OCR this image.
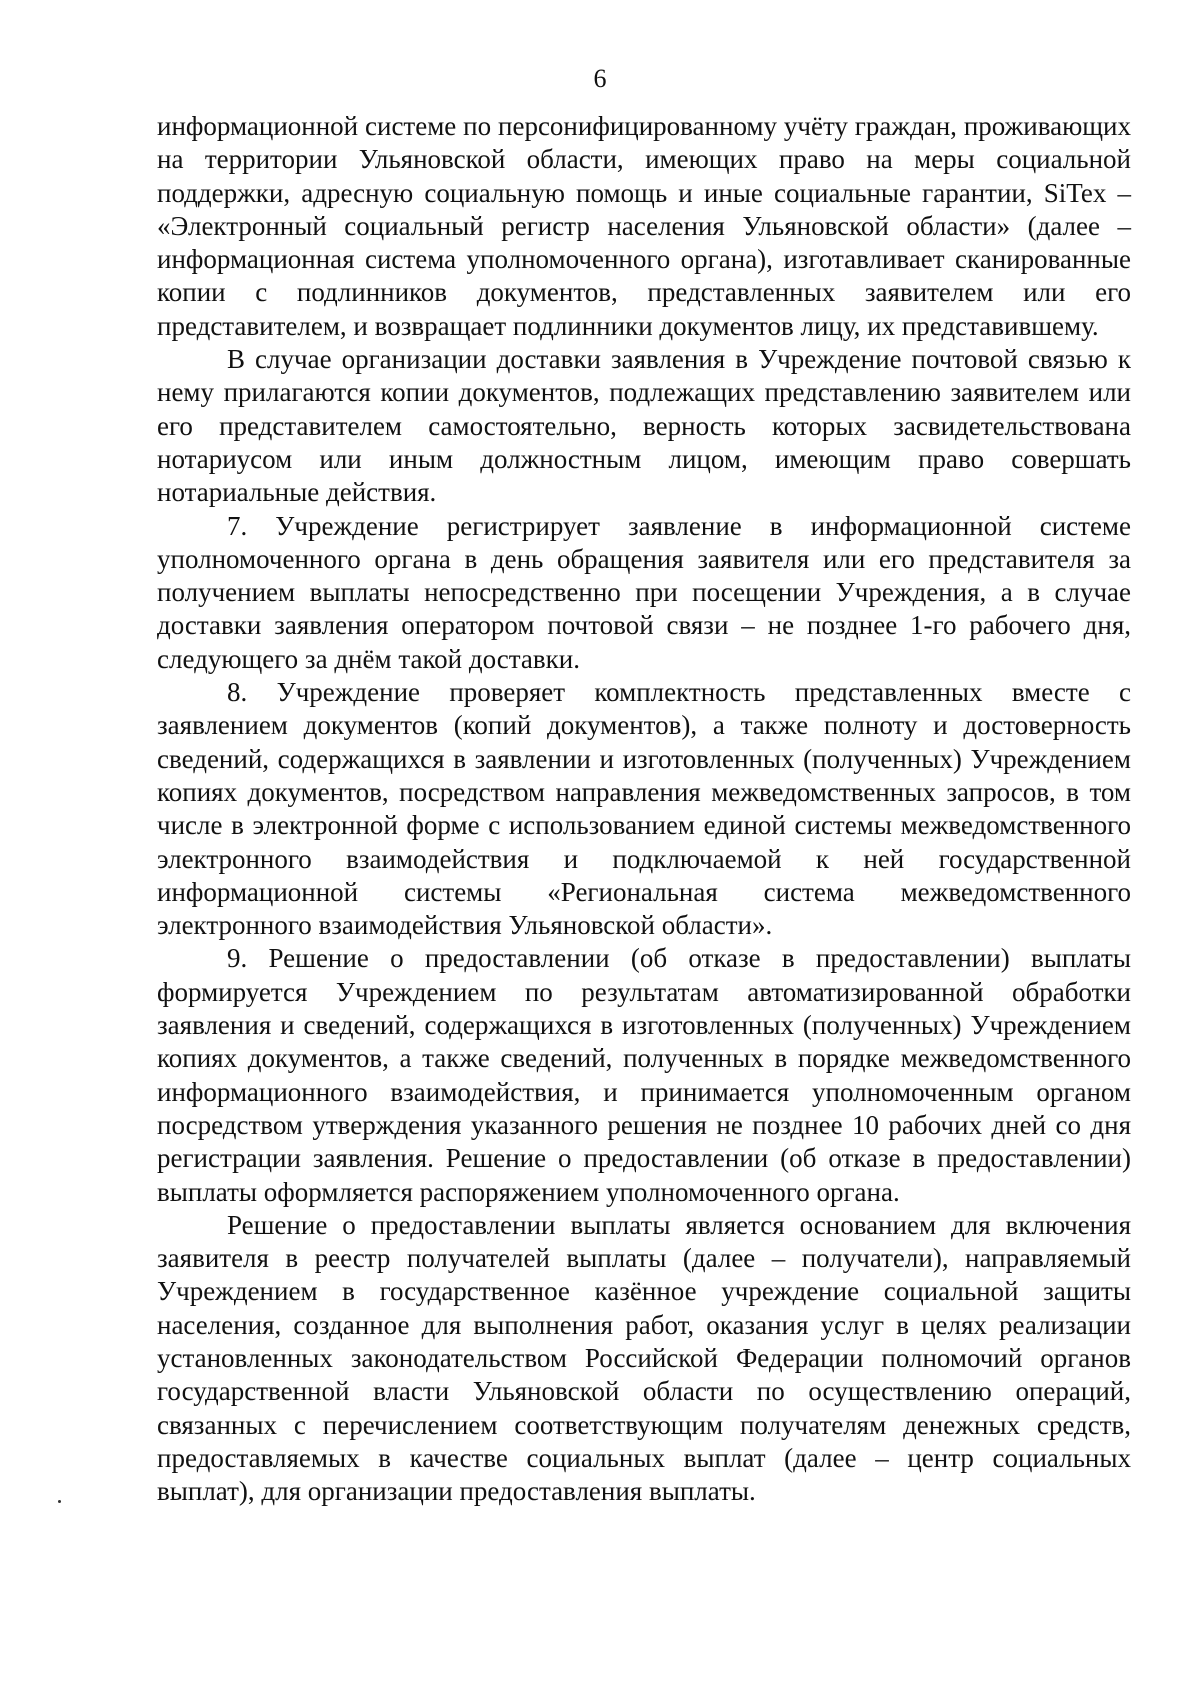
6

информационной системе по персонифицированному учёту граждан, проживающих на территории Ульяновской области, имеющих право на меры социальной поддержки, адресную социальную помощь и иные социальные гарантии, SiTex – «Электронный социальный регистр населения Ульяновской области» (далее – информационная система уполномоченного органа), изготавливает сканированные копии с подлинников документов, представленных заявителем или его представителем, и возвращает подлинники документов лицу, их представившему.

В случае организации доставки заявления в Учреждение почтовой связью к нему прилагаются копии документов, подлежащих представлению заявителем или его представителем самостоятельно, верность которых засвидетельствована нотариусом или иным должностным лицом, имеющим право совершать нотариальные действия.

7. Учреждение регистрирует заявление в информационной системе уполномоченного органа в день обращения заявителя или его представителя за получением выплаты непосредственно при посещении Учреждения, а в случае доставки заявления оператором почтовой связи – не позднее 1-го рабочего дня, следующего за днём такой доставки.

8. Учреждение проверяет комплектность представленных вместе с заявлением документов (копий документов), а также полноту и достоверность сведений, содержащихся в заявлении и изготовленных (полученных) Учреждением копиях документов, посредством направления межведомственных запросов, в том числе в электронной форме с использованием единой системы межведомственного электронного взаимодействия и подключаемой к ней государственной информационной системы «Региональная система межведомственного электронного взаимодействия Ульяновской области».

9. Решение о предоставлении (об отказе в предоставлении) выплаты формируется Учреждением по результатам автоматизированной обработки заявления и сведений, содержащихся в изготовленных (полученных) Учреждением копиях документов, а также сведений, полученных в порядке межведомственного информационного взаимодействия, и принимается уполномоченным органом посредством утверждения указанного решения не позднее 10 рабочих дней со дня регистрации заявления. Решение о предоставлении (об отказе в предоставлении) выплаты оформляется распоряжением уполномоченного органа.

Решение о предоставлении выплаты является основанием для включения заявителя в реестр получателей выплаты (далее – получатели), направляемый Учреждением в государственное казённое учреждение социальной защиты населения, созданное для выполнения работ, оказания услуг в целях реализации установленных законодательством Российской Федерации полномочий органов государственной власти Ульяновской области по осуществлению операций, связанных с перечислением соответствующим получателям денежных средств, предоставляемых в качестве социальных выплат (далее – центр социальных выплат), для организации предоставления выплаты.
